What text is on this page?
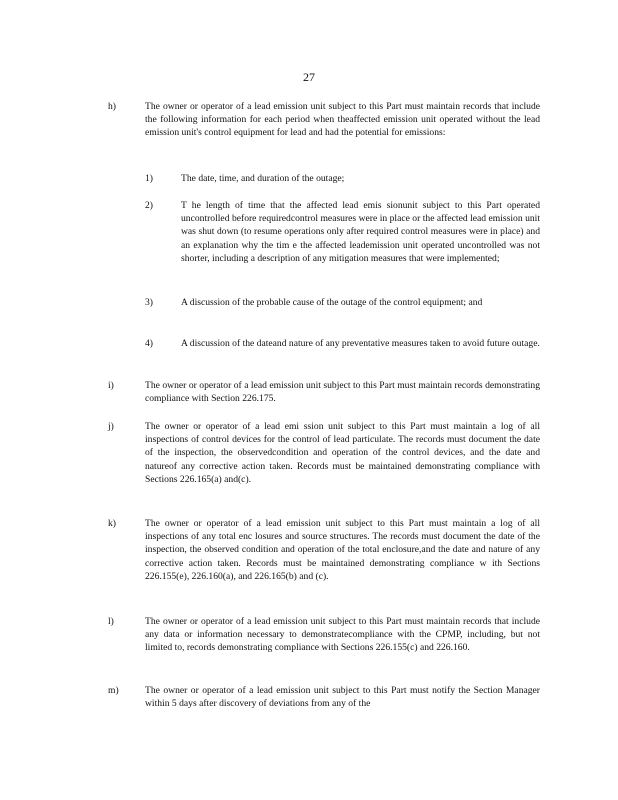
27
h)	The owner or operator of a lead emission unit subject to this Part must maintain records that include the following information for each period when theaffected emission unit operated without the lead emission unit's control equipment for lead and had the potential for emissions:
1)	The date, time, and duration of the outage;
2)	T he length of time that the affected lead emis sionunit subject to this Part operated uncontrolled before requiredcontrol measures were in place or the affected lead emission unit was shut down (to resume operations only after required control measures were in place) and an explanation why the tim e the affected leademission unit operated uncontrolled was not shorter, including a description of any mitigation measures that were implemented;
3)	A discussion of the probable cause of the outage of the control equipment; and
4)	A discussion of the dateand nature of any preventative measures taken to avoid future outage.
i)	The owner or operator of a lead emission unit subject to this Part must maintain records demonstrating compliance with Section 226.175.
j)	The owner or operator of a lead emi ssion unit subject to this Part must maintain a log of all inspections of control devices for the control of lead particulate. The records must document the date of the inspection, the observedcondition and operation of the control devices, and the date and natureof any corrective action taken. Records must be maintained demonstrating compliance with Sections 226.165(a) and(c).
k)	The owner or operator of a lead emission unit subject to this Part must maintain a log of all inspections of any total enc losures and source structures. The records must document the date of the inspection, the observed condition and operation of the total enclosure,and the date and nature of any corrective action taken. Records must be maintained demonstrating compliance w ith Sections 226.155(e), 226.160(a), and 226.165(b) and (c).
l)	The owner or operator of a lead emission unit subject to this Part must maintain records that include any data or information necessary to demonstratecompliance with the CPMP, including, but not limited to, records demonstrating compliance with Sections 226.155(c) and 226.160.
m)	The owner or operator of a lead emission unit subject to this Part must notify the Section Manager within 5 days after discovery of deviations from any of the
